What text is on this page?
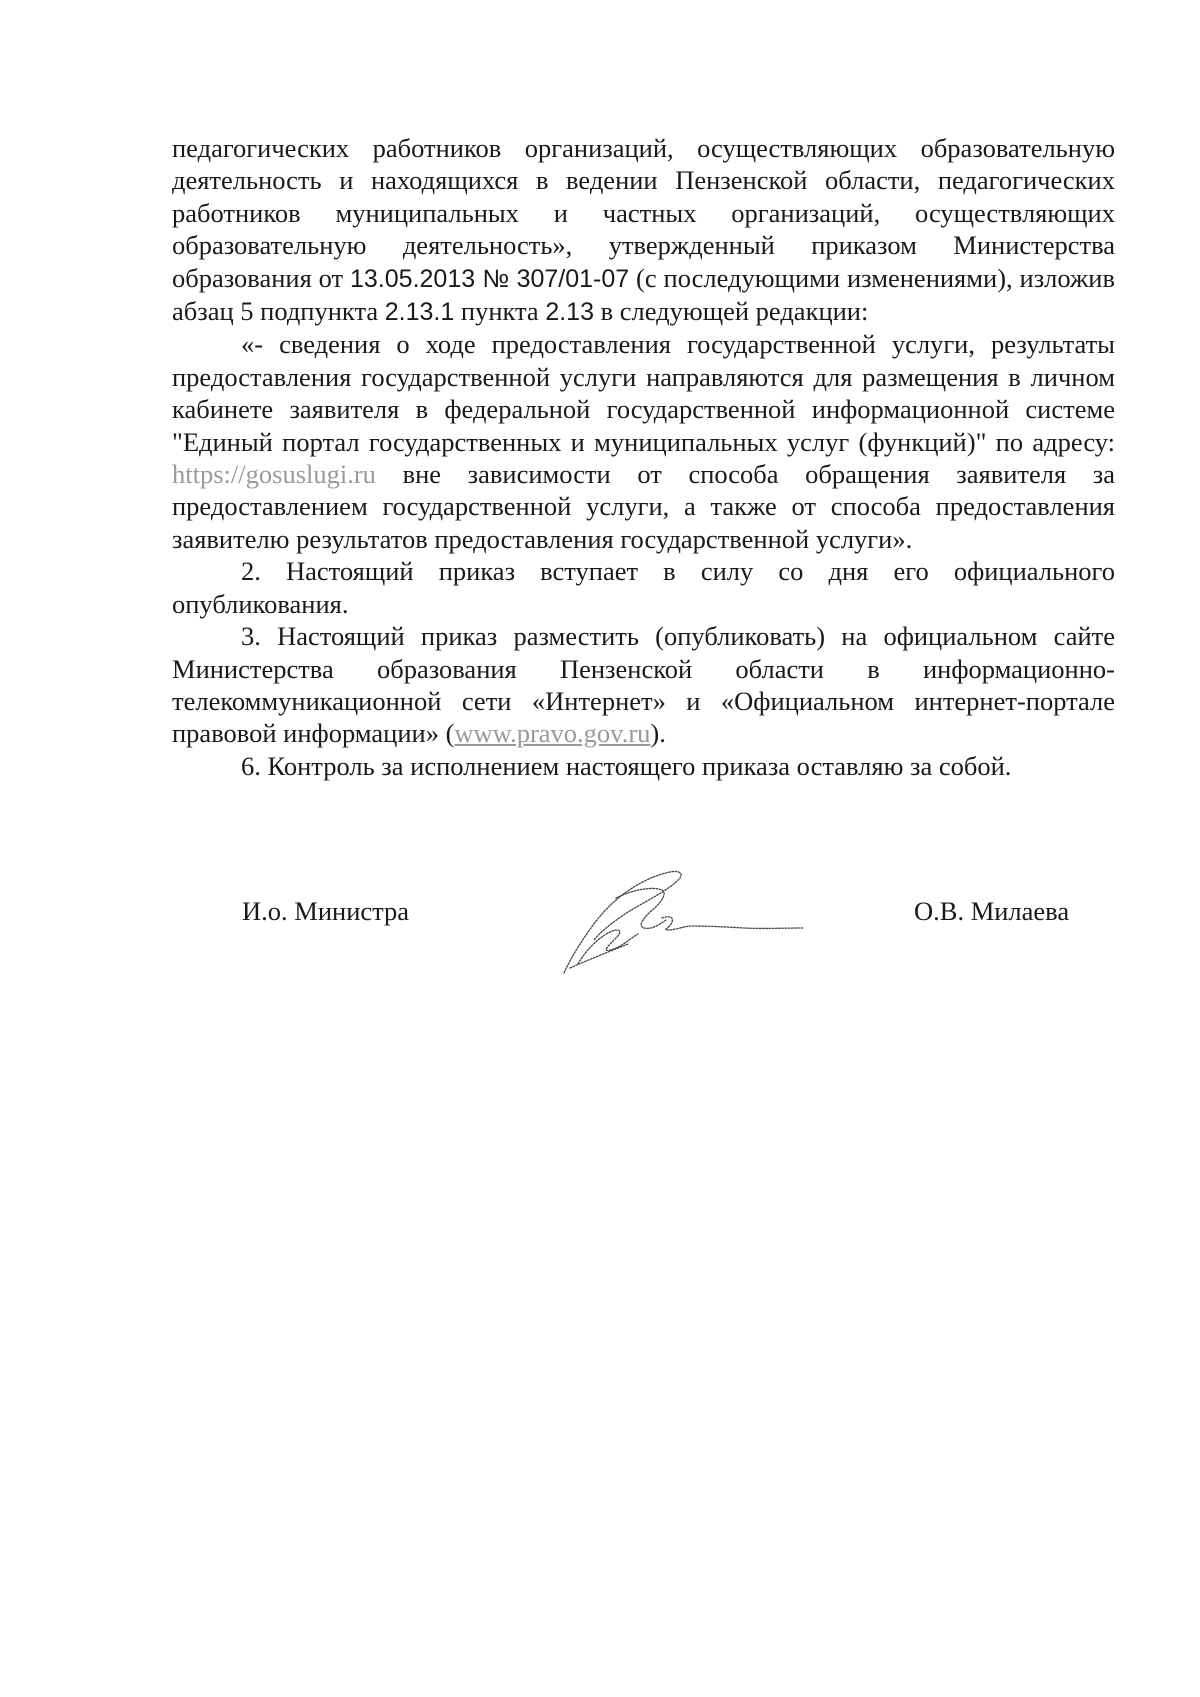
педагогических работников организаций, осуществляющих образовательную деятельность и находящихся в ведении Пензенской области, педагогических работников муниципальных и частных организаций, осуществляющих образовательную деятельность», утвержденный приказом Министерства образования от 13.05.2013 № 307/01-07 (с последующими изменениями), изложив абзац 5 подпункта 2.13.1 пункта 2.13 в следующей редакции:

«- сведения о ходе предоставления государственной услуги, результаты предоставления государственной услуги направляются для размещения в личном кабинете заявителя в федеральной государственной информационной системе "Единый портал государственных и муниципальных услуг (функций)" по адресу: https://gosuslugi.ru вне зависимости от способа обращения заявителя за предоставлением государственной услуги, а также от способа предоставления заявителю результатов предоставления государственной услуги».

2. Настоящий приказ вступает в силу со дня его официального опубликования.

3. Настоящий приказ разместить (опубликовать) на официальном сайте Министерства образования Пензенской области в информационно-телекоммуникационной сети «Интернет» и «Официальном интернет-портале правовой информации» (www.pravo.gov.ru).

6. Контроль за исполнением настоящего приказа оставляю за собой.

И.о. Министра	О.В. Милаева
